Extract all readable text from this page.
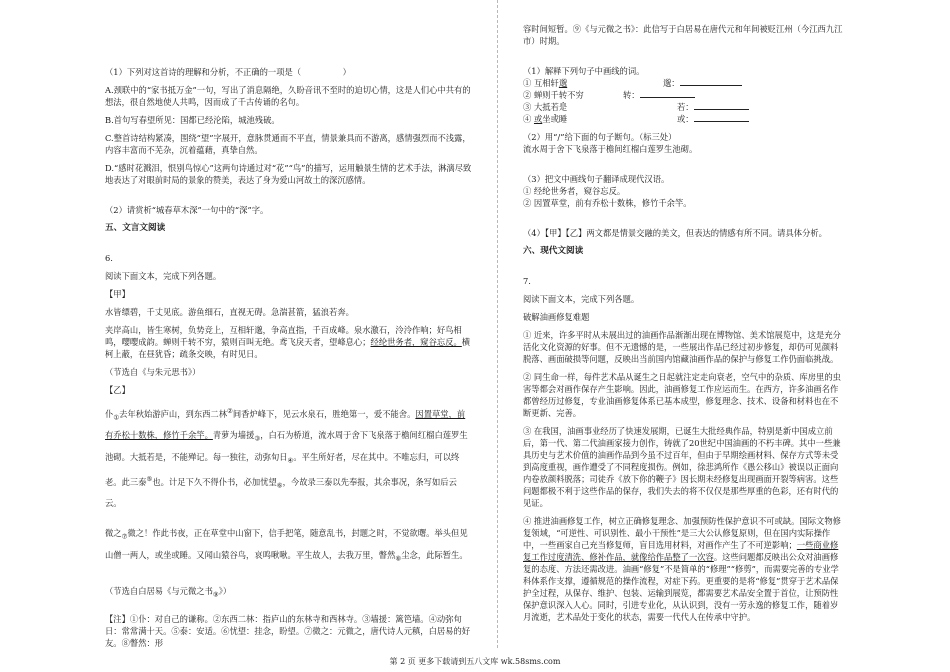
（1）下列对这首诗的理解和分析，不正确的一项是（　　　　　）

A.颈联中的“家书抵万金”一句，写出了消息隔绝，久盼音讯不至时的迫切心情，这是人们心中共有的想法，很自然地使人共鸣，因而成了千古传诵的名句。

B.首句写春望所见：国都已经沦陷，城池残破。

C.整首诗结构紧凑，围绕“望”字展开，意脉贯通而不平直，情景兼具而不游离，感情强烈而不浅露，内容丰富而不芜杂，沉着蕴藉，真挚自然。

D.“感时花溅泪，恨别鸟惊心”这两句诗通过对“花”“鸟”的描写，运用触景生情的艺术手法，淋漓尽致地表达了对眼前时局的景象的赞美，表达了身为爱山河故土的深沉感情。

（2）请赏析“城春草木深”一句中的“深”字。

五、文言文阅读

6.

阅读下面文本，完成下列各题。

【甲】

水皆缥碧，千丈见底。游鱼细石，直视无碍。急湍甚箭，猛浪若奔。

夹岸高山，皆生寒树，负势竞上，互相轩邈，争高直指，千百成峰。泉水激石，泠泠作响；好鸟相鸣，嘤嘤成韵。蝉则千转不穷，猿则百叫无绝。鸢飞戾天者，望峰息心；经纶世务者，窥谷忘反。横柯上蔽，在昼犹昏；疏条交映，有时见日。

（节选自《与朱元思书》）

【乙】

仆$_①$去年秋始游庐山，到东西二林②间香炉峰下，见云水泉石，胜绝第一，爱不能舍。因置草堂，前有乔松十数株，修竹千余竿。青萝为墙援$_③$，白石为桥道，流水周于舍下飞泉落于檐间红榴白莲罗生池砌。大抵若是，不能殚记。每一独往，动弥旬日$_④$。平生所好者，尽在其中。不唯忘归，可以终老。此三泰⑤也。计足下久不得仆书，必加忧望$_⑥$，今故录三泰以先奉报，其余事况，条写如后云云。

微之$_⑦$微之！作此书夜，正在草堂中山窗下，信手把笔，随意乱书，封题之时，不觉欲曙。举头但见山僧一两人，或坐或睡。又闻山猿谷鸟，哀鸣啾啾。平生故人，去我万里，瞥然$_⑧$尘念，此际暂生。

（节选自白居易《与元微之书$_⑨$》）

【注】①仆：对自己的谦称。②东西二林：指庐山的东林寺和西林寺。③墙援：篱笆墙。④动弥旬日：常常满十天。⑤泰：安适。⑥忧望：挂念，盼望。⑦微之：元微之，唐代诗人元稹，白居易的好友。⑧瞥然：形

容时间短暂。⑨《与元微之书》：此信写于白居易在唐代元和年间被贬江州（今江西九江市）时期。

（1）解释下列句子中画线的词。

① 互相轩邈	邈：
② 蝉则千转不穷	转：
③ 大抵若是	若：
④ 或坐或睡	或：

（2）用“/”给下面的句子断句。（标三处）

流水周于舍下飞泉落于檐间红榴白莲罗生池砌。

（3）把文中画线句子翻译成现代汉语。

① 经纶世务者，窥谷忘反。

② 因置草堂，前有乔松十数株，修竹千余竿。

（4）【甲】【乙】两文都是情景交融的美文，但表达的情感有所不同。请具体分析。

六、现代文阅读

7.

阅读下面文本，完成下列各题。

破解油画修复难题

① 近来，许多平时从未展出过的油画作品渐渐出现在博物馆、美术馆展览中，这是充分活化文化资源的好事。但不无遗憾的是，一些展出作品已经过初步修复，却仍可见颜料脱落、画面破损等问题，反映出当前国内馆藏油画作品的保护与修复工作仍面临挑战。

② 同生命一样，每件艺术品从诞生之日起就注定走向衰老，空气中的杂质、库房里的虫害等都会对画作保存产生影响。因此，油画修复工作应运而生。在西方，许多油画名作都曾经历过修复，专业油画修复体系已基本成型，修复理念、技术、设备和材料也在不断更新、完善。

③ 在我国，油画事业经历了快速发展期，已诞生大批经典作品，特别是新中国成立前后，第一代、第二代油画家接力创作，铸就了20世纪中国油画的不朽丰碑。其中一些兼具历史与艺术价值的油画作品到今虽不过百年，但由于早期绘画材料、保存方式等未受到高度重视，画作遭受了不同程度损伤。例如，徐悲鸿所作《愚公移山》被误以正面向内卷放颜料脱落；司徒乔《放下你的鞭子》因长期未经修复出现画面开裂等病害。这些问题都极不利于这些作品的保存，我们失去的将不仅仅是那些厚重的色彩，还有时代的见证。

④ 推进油画修复工作，树立正确修复理念、加强预防性保护意识不可或缺。国际文物修复领域，“可逆性、可识别性、最小干预性”是三大公认修复原则，但在国内实际操作中，一些画家自己充当修复师，盲目选用材料，对画作产生了不可逆影响；一些商业修复工作过度清洗、修补作品，就像给作品整了一次容。这些问题都反映出公众对油画修复的态度、方法还需改进。油画“修复”不是简单的“修理”“修剪”，而需要完善的专业学科体系作支撑，遵循规范的操作流程，对症下药。更重要的是将“修复”贯穿于艺术品保护全过程，从保存、维护、包装、运输到展览，都需要艺术品安全置于首位，让预防性保护意识深入人心。同时，引进专业化，从认识到，没有一劳永逸的修复工作，随着岁月流逝，艺术品处于变化的状态，需要一代代人在传承中守护。

第 2 页 更多下载请到五八文库 wk.58sms.com
